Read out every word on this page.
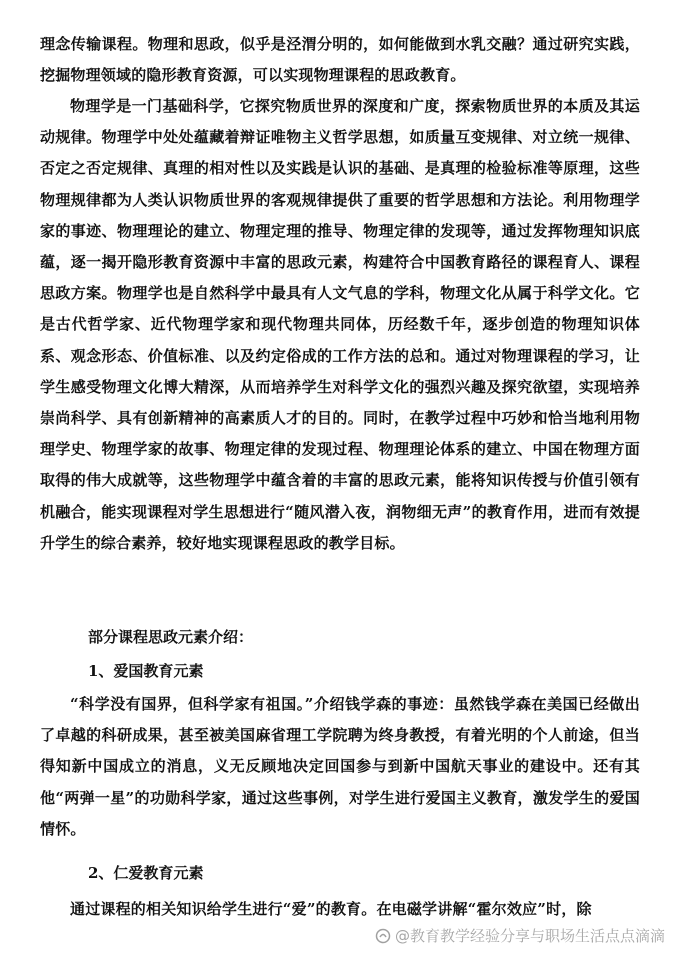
理念传输课程。物理和思政，似乎是泾渭分明的，如何能做到水乳交融？通过研究实践，挖掘物理领域的隐形教育资源，可以实现物理课程的思政教育。

物理学是一门基础科学，它探究物质世界的深度和广度，探索物质世界的本质及其运动规律。物理学中处处蕴藏着辩证唯物主义哲学思想，如质量互变规律、对立统一规律、否定之否定规律、真理的相对性以及实践是认识的基础、是真理的检验标准等原理，这些物理规律都为人类认识物质世界的客观规律提供了重要的哲学思想和方法论。利用物理学家的事迹、物理理论的建立、物理定理的推导、物理定律的发现等，通过发挥物理知识底蕴，逐一揭开隐形教育资源中丰富的思政元素，构建符合中国教育路径的课程育人、课程思政方案。物理学也是自然科学中最具有人文气息的学科，物理文化从属于科学文化。它是古代哲学家、近代物理学家和现代物理共同体，历经数千年，逐步创造的物理知识体系、观念形态、价值标准、以及约定俗成的工作方法的总和。通过对物理课程的学习，让学生感受物理文化博大精深，从而培养学生对科学文化的强烈兴趣及探究欲望，实现培养崇尚科学、具有创新精神的高素质人才的目的。同时，在教学过程中巧妙和恰当地利用物理学史、物理学家的故事、物理定律的发现过程、物理理论体系的建立、中国在物理方面取得的伟大成就等，这些物理学中蕴含着的丰富的思政元素，能将知识传授与价值引领有机融合，能实现课程对学生思想进行“随风潜入夜，润物细无声”的教育作用，进而有效提升学生的综合素养，较好地实现课程思政的教学目标。

部分课程思政元素介绍：

1、爱国教育元素

“科学没有国界，但科学家有祖国。”介绍钱学森的事迹：虽然钱学森在美国已经做出了卓越的科研成果，甚至被美国麻省理工学院聘为终身教授，有着光明的个人前途，但当得知新中国成立的消息，义无反顾地决定回国参与到新中国航天事业的建设中。还有其他“两弹一星”的功勋科学家，通过这些事例，对学生进行爱国主义教育，激发学生的爱国情怀。

2、仁爱教育元素

通过课程的相关知识给学生进行“爱”的教育。在电磁学讲解“霍尔效应”时，除

@教育教学经验分享与职场生活点点滴滴
